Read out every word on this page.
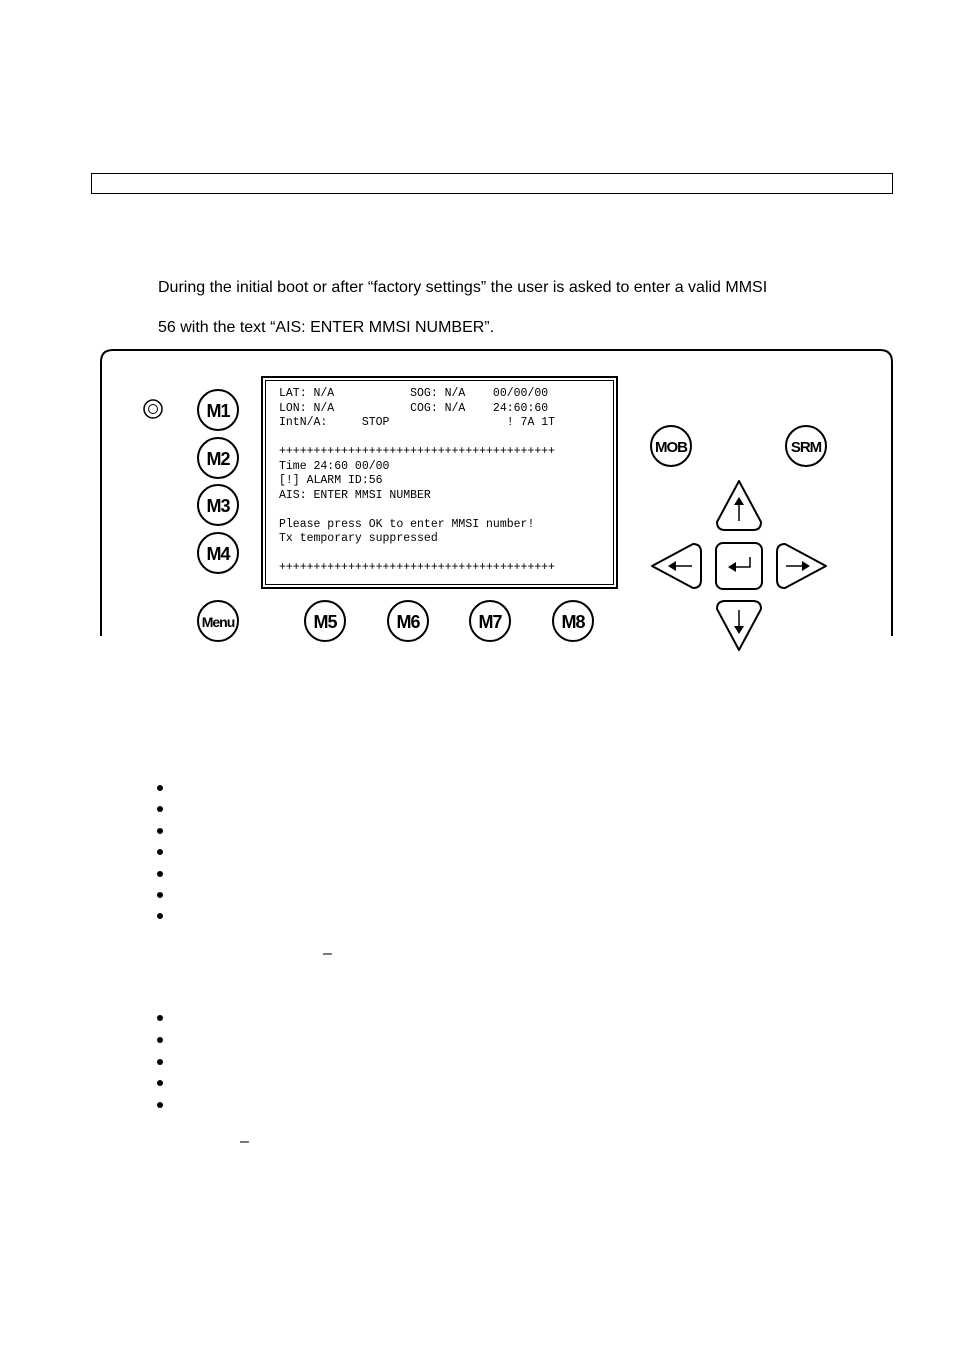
During the initial boot or after “factory settings” the user is asked to enter a valid MMSI
56 with the text “AIS: ENTER MMSI NUMBER”.
M1
M2
M3
M4
Menu	M5	M6	M7	M8
MOB	SRM
LAT: N/A           SOG: N/A    00/00/00
LON: N/A           COG: N/A    24:60:60
IntN/A:     STOP                 ! 7A 1T
++++++++++++++++++++++++++++++++++++++++
Time 24:60 00/00
[!] ALARM ID:56
AIS: ENTER MMSI NUMBER
Please press OK to enter MMSI number!
Tx temporary suppressed
++++++++++++++++++++++++++++++++++++++++
–
–
